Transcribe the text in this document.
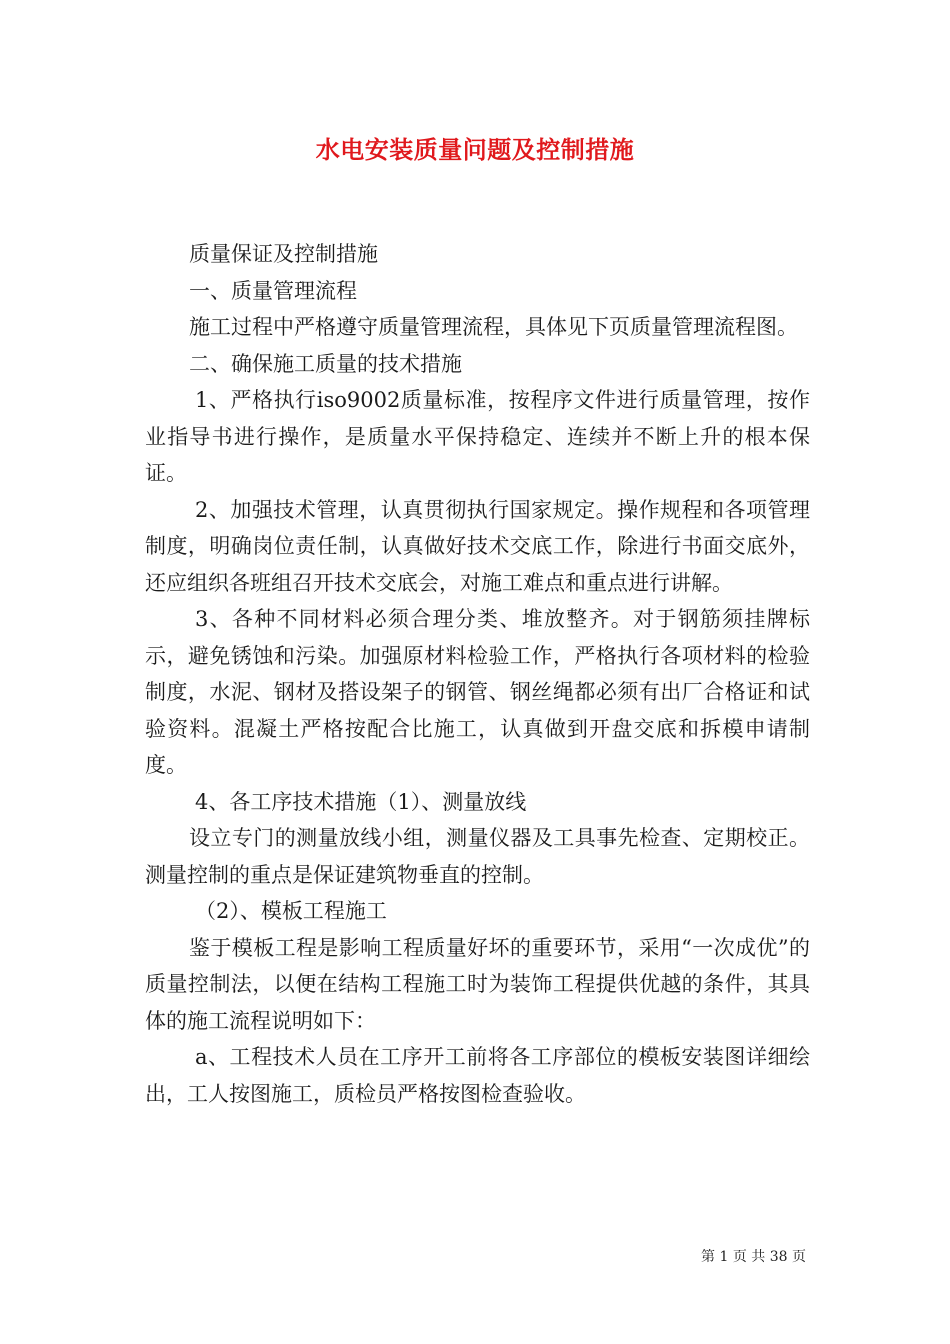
水电安装质量问题及控制措施

质量保证及控制措施

一、质量管理流程

施工过程中严格遵守质量管理流程，具体见下页质量管理流程图。

二、确保施工质量的技术措施

1、严格执行iso9002质量标准，按程序文件进行质量管理，按作业指导书进行操作，是质量水平保持稳定、连续并不断上升的根本保证。

2、加强技术管理，认真贯彻执行国家规定。操作规程和各项管理制度，明确岗位责任制，认真做好技术交底工作，除进行书面交底外，还应组织各班组召开技术交底会，对施工难点和重点进行讲解。

3、各种不同材料必须合理分类、堆放整齐。对于钢筋须挂牌标示，避免锈蚀和污染。加强原材料检验工作，严格执行各项材料的检验制度，水泥、钢材及搭设架子的钢管、钢丝绳都必须有出厂合格证和试验资料。混凝土严格按配合比施工，认真做到开盘交底和拆模申请制度。

4、各工序技术措施（1）、测量放线

设立专门的测量放线小组，测量仪器及工具事先检查、定期校正。测量控制的重点是保证建筑物垂直的控制。

（2）、模板工程施工

鉴于模板工程是影响工程质量好坏的重要环节，采用“一次成优”的质量控制法，以便在结构工程施工时为装饰工程提供优越的条件，其具体的施工流程说明如下：

a、工程技术人员在工序开工前将各工序部位的模板安装图详细绘出，工人按图施工，质检员严格按图检查验收。

第 1 页 共 38 页
